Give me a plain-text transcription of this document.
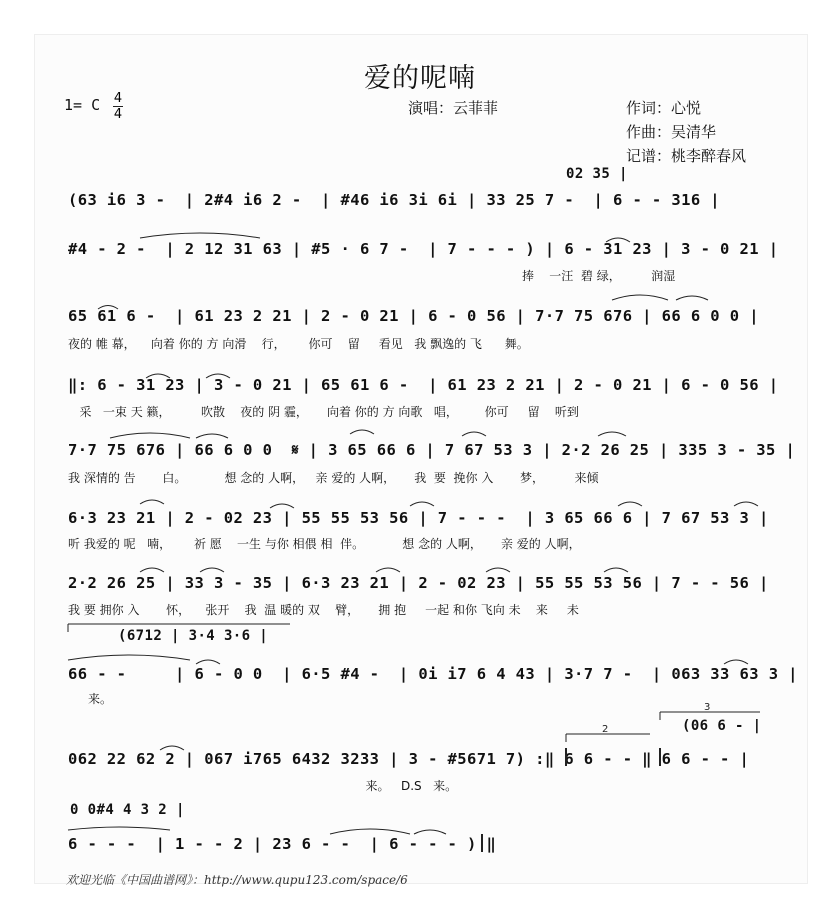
爱的呢喃
1= C 4
4	演唱：云菲菲	作词：心悦
作曲：吴清华
记谱：桃李醉春风
02 35 |
(63 i6 3 -  | 2#4 i6 2 -  | #46 i6 3i 6i | 33 25 7 -  | 6 - - 316 |
#4 - 2 -  | 2 12 31 63 | #5 · 6 7 -  | 7 - - - ) | 6 - 31 23 | 3 - 0 21 |
捧    一汪  碧 绿，        润湿
65 61 6 -  | 61 23 2 21 | 2 - 0 21 | 6 - 0 56 | 7·7 75 676 | 66 6 0 0 |
夜的 帷 幕，    向着 你的 方 向滑    行，      你可    留     看见   我 飘逸的 飞      舞。
‖: 6 - 31 23 | 3 - 0 21 | 65 61 6 -  | 61 23 2 21 | 2 - 0 21 | 6 - 0 56 |
采   一束 天 籁，        吹散    夜的 阴 霾，     向着 你的 方 向歌   唱，       你可     留    听到
7·7 75 676 | 66 6 0 0  𝄋 | 3 65 66 6 | 7 67 53 3 | 2·2 26 25 | 335 3 - 35 |
我 深情的 告       白。          想 念的 人啊，   亲 爱的 人啊，     我  要  挽你 入       梦，        来倾
6·3 23 21 | 2 - 02 23 | 55 55 53 56 | 7 - - -  | 3 65 66 6 | 7 67 53 3 |
听 我爱的 呢   喃，      祈 愿    一生 与你 相偎 相  伴。          想 念的 人啊，     亲 爱的 人啊，
2·2 26 25 | 33 3 - 35 | 6·3 23 21 | 2 - 02 23 | 55 55 53 56 | 7 - - 56 |
我 要 拥你 入       怀，    张开    我  温 暖的 双    臂，     拥 抱     一起 和你 飞向 未    来     未
(6712 | 3·4 3·6 |
66 - -     | 6 - 0 0  | 6·5 #4 -  | 0i i7 6 4 43 | 3·7 7 -  | 063 33 63 3 |
来。
(06 6 - |
062 22 62 2 | 067 i765 6432 3233 | 3 - #5671 7) :‖ 6 6 - - ‖ 6 6 - - |
来。   D.S   来。
0 0#4 4 3 2 |
6 - - -  | 1 - - 2 | 23 6 - -  | 6 - - - ) ‖
欢迎光临《中国曲谱网》：http://www.qupu123.com/space/6
2
3
